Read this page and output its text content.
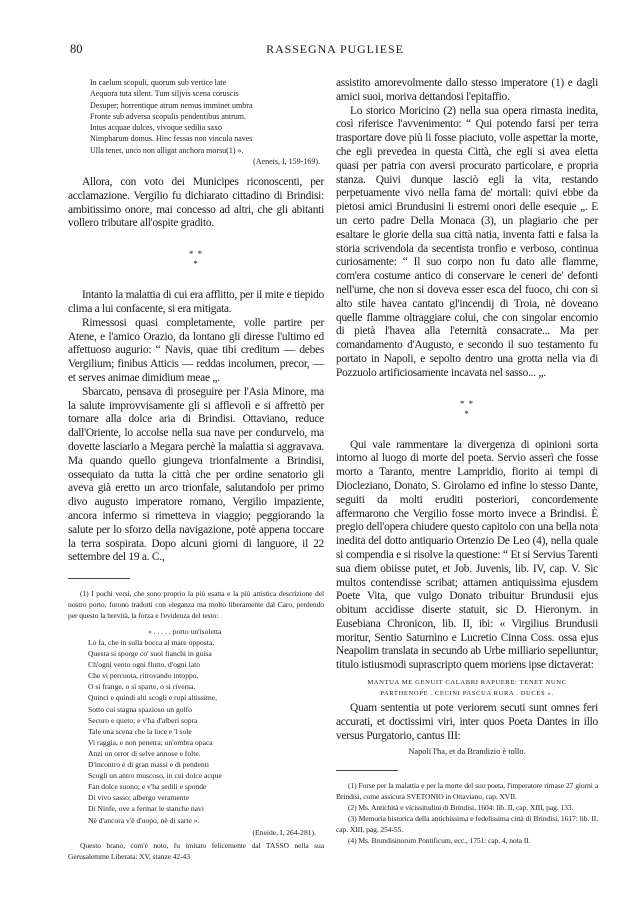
80	RASSEGNA PUGLIESE
In caelum scopuli, quorum sub vertice late
Aequora tuta silent. Tum siljvis scena coruscis
Desuper; horrentique atrum nemus imminet umbra
Fronte sub adversa scopulis pendentibus antrum.
Intus acquae dulces, vivoque sedilia saxo
Nimpharum domus. Hinc fessas non vincula naves
Ulla tenet, unco non alligat anchora morsu(1) ».
(Aeneis, I, 159-169).

Allora, con voto dei Municipes riconoscenti, per acclamazione. Vergilio fu dichiarato cittadino di Brindisi: ambitissimo onore, mai concesso ad altri, che gli abitanti vollero tributare all'ospite gradito.

* *
*

Intanto la malattia di cui era afflitto, per il mite e tiepido clima a lui confacente, si era mitigata.

Rimessosi quasi completamente, volle partire per Atene, e l'amico Orazio, da lontano gli diresse l'ultimo ed affettuoso augurio: “ Navis, quae tibi creditum — debes Vergilium; finibus Atticis — reddas incolumen, precor, — et serves animae dimidium meae „.

Sbarcato, pensava di proseguire per l'Asia Minore, ma la salute improvvisamente gli si afflevolì e si affrettò per tornare alla dolce aria di Brindisi. Ottaviano, reduce dall'Oriente, lo accolse nella sua nave per condurvelo, ma dovette lasciarlo a Megara perchè la malattia si aggravava. Ma quando quello giungeva trionfalmente a Brindisi, ossequiato da tutta la città che per ordine senatorio gli aveva già eretto un arco trionfale, salutandolo per primo divo augusto imperatore romano, Vergilio impaziente, ancora infermo si rimetteva in viaggio; peggiorando la salute per lo sforzo della navigazione, potè appena toccare la terra sospirata. Dopo alcuni giorni di languore, il 22 settembre del 19 a. C.,

(1) I pochi versi, che sono proprio la più esatta e la più artistica descrizione del nostro porto, furono tradotti con eleganza ma molto liberamente dal Caro, perdendo per questo la brevità, la forza e l'evidenza del testo:

« . . . . . porto un'isoletta
Lo fa, che in sulla bocca al mare opposta,
Questa si sporge co' suoi fianchi in guisa
Ch'ogni vento ogni flutto, d'ogni lato
Che vi percuota, ritrovando intoppo,
O si frange, o si sparte, o si riversa.
Quinci e quindi alti scogli e rupi altissime,
Sotto cui stagna spazioso un golfo
Securo e queto; e v'ha d'alberi sopra
Tale una scena che la luce e 'l sole
Vi raggia, e non penetra; un'ombra opaca
Anzi un orror di selve annose e folte.
D'incontro è di gran massi e di pendenti
Scogli un antro muscoso, in cui dolce acque
Fan dolce suono; e v'ha sedili e sponde
Di vivo sasso; albergo veramente
Di Ninfe, ove a fermar le stanche navi
Nè d'ancora v'è d'uopo, nè di sarte ».
(Eneide, I, 264-281).

Questo brano, com'è noto, fu imitato felicemente dal TASSO nella sua Gerusalemme Liberata: XV, stanze 42-43

assistito amorevolmente dallo stesso imperatore (1) e dagli amici suoi, moriva dettandosi l'epitaffio.

Lo storico Moricino (2) nella sua opera rimasta inedita, così riferisce l'avvenimento: “ Qui potendo farsi per terra trasportare dove più li fosse piaciuto, volle aspettar la morte, che egli prevedea in questa Città, che egli si avea eletta quasi per patria con aversi procurato particolare, e propria stanza. Quivi dunque lasciò egli la vita, restando perpetuamente vivo nella fama de' mortali: quivi ebbe da pietosi amici Brundusini li estremi onori delle esequie „. E un certo padre Della Monaca (3), un plagiario che per esaltare le glorie della sua città natia, inventa fatti e falsa la storia scrivendola da secentista tronfio e verboso, continua curiosamente: “ Il suo corpo non fu dato alle flamme, com'era costume antico di conservare le ceneri de' defonti nell'urne, che non si doveva esser esca del fuoco, chi con sì alto stile havea cantato gl'incendij di Troia, nè doveano quelle flamme oltraggiare colui, che con singolar encomio di pietà l'havea alla l'eternità consacrate... Ma per comandamento d'Augusto, e secondo il suo testamento fu portato in Napoli, e sepolto dentro una grotta nella via di Pozzuolo artificiosamente incavata nel sasso... „.

* *
*

Qui vale rammentare la divergenza di opinioni sorta intorno al luogo di morte del poeta. Servio asserì che fosse morto a Taranto, mentre Lampridio, fiorito ai tempi di Diocleziano, Donato, S. Girolamo ed infine lo stesso Dante, seguiti da molti eruditi posteriori, concordemente affermarono che Vergilio fosse morto invece a Brindisi. È pregio dell'opera chiudere questo capitolo con una bella nota inedita del dotto antiquario Ortenzio De Leo (4), nella quale si compendia e si risolve la questione: “ Et si Servius Tarenti sua diem obiisse putet, et Job. Juvenis, lib. IV, cap. V. Sic multos contendisse scribat; attamen antiquissima ejusdem Poete Vita, que vulgo Donato tribuitur Brundusii ejus obitum accidisse diserte statuit, sic D. Hieronym. in Eusebiana Chronicon, lib. II, ibi: « Virgilius Brundusii moritur, Sentio Saturnino e Lucretio Cinna Coss. ossa ejus Neapolim translata in secundo ab Urbe milliario sepeliuntur, titulo istiusmodi suprascripto quem moriens ipse dictaverat:

MANTUA ME GENUIT CALABRI RAPUERE: TENET NUNC
PARTHENOPE . CECINI PASCUA RURA . DUCES ».

Quam sententia ut pote veriorem secuti sunt omnes feri accurati, et doctissimi viri, inter quos Poeta Dantes in illo versus Purgatorio, cantus III:

Napoli l'ha, et da Brandizio è tollo.

(1) Forse per la malattia e per la morte del suo poeta, l'imperatore rimase 27 giorni a Brindisi, come assicura SVETONIO in Ottaviano, cap. XVII.

(2) Ms. Antichità e vicissitudini di Brindisi, 1604: lib. II, cap. XIII, pag. 133.

(3) Memoria historica della antichissima e fedelissima città di Brindisi, 1617: lib. II, cap. XIII, pag. 254-55.

(4) Ms. Brundisinorum Pontificum, ecc., 1751: cap. 4, nota II.
